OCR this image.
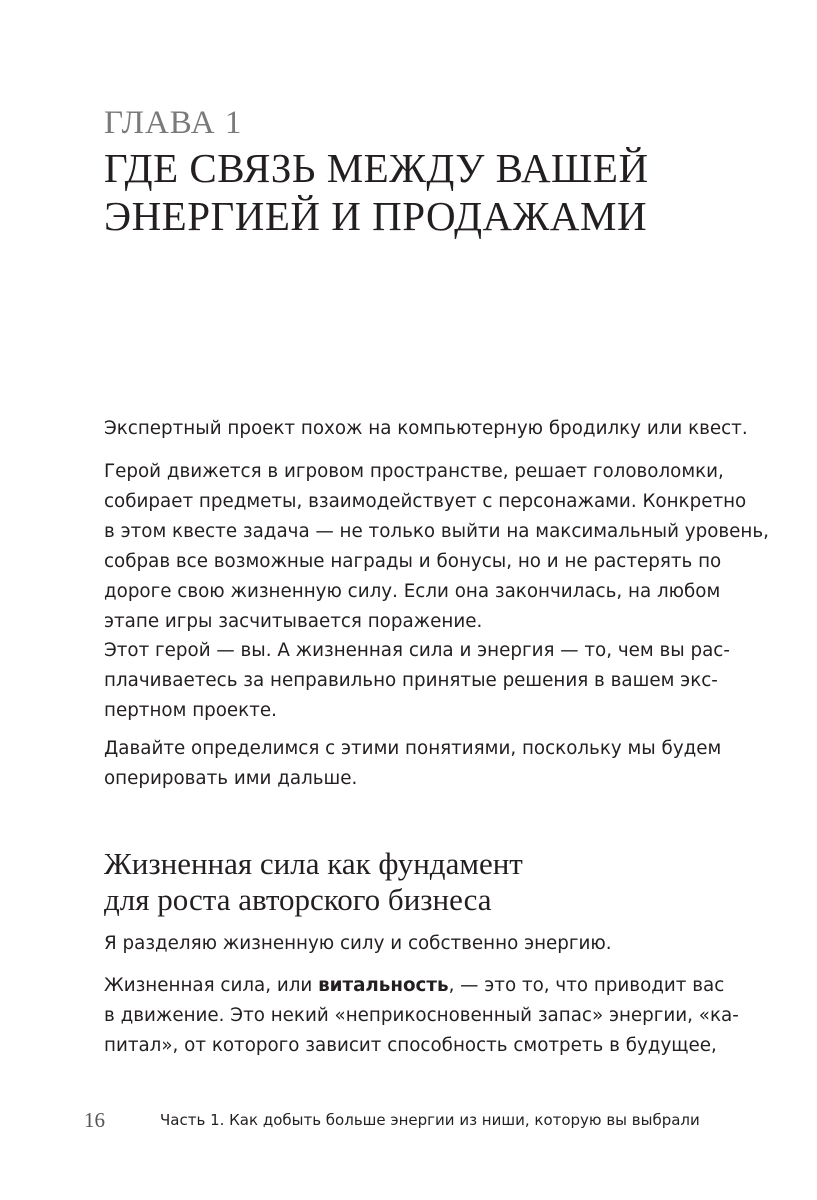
ГЛАВА 1
ГДЕ СВЯЗЬ МЕЖДУ ВАШЕЙ
ЭНЕРГИЕЙ И ПРОДАЖАМИ
Экспертный проект похож на компьютерную бродилку или квест.
Герой движется в игровом пространстве, решает головоломки,
собирает предметы, взаимодействует с персонажами. Конкретно
в этом квесте задача — не только выйти на максимальный уровень,
собрав все возможные награды и бонусы, но и не растерять по
дороге свою жизненную силу. Если она закончилась, на любом
этапе игры засчитывается поражение.
Этот герой — вы. А жизненная сила и энергия — то, чем вы рас-
плачиваетесь за неправильно принятые решения в вашем экс-
пертном проекте.
Давайте определимся с этими понятиями, поскольку мы будем
оперировать ими дальше.
Жизненная сила как фундамент
для роста авторского бизнеса
Я разделяю жизненную силу и собственно энергию.
Жизненная сила, или витальность, — это то, что приводит вас
в движение. Это некий «неприкосновенный запас» энергии, «ка-
питал», от которого зависит способность смотреть в будущее,
16	Часть 1. Как добыть больше энергии из ниши, которую вы выбрали
